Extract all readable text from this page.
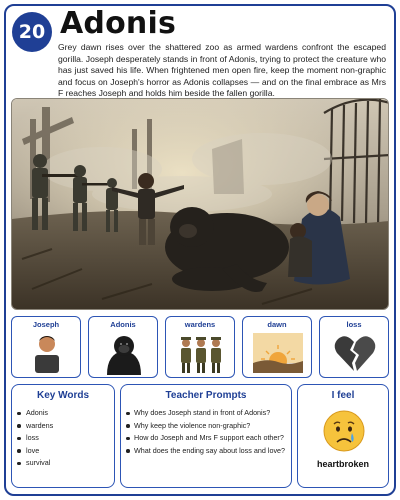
20 Adonis

Grey dawn rises over the shattered zoo as armed wardens confront the escaped gorilla. Joseph desperately stands in front of Adonis, trying to protect the creature who has just saved his life. When frightened men open fire, keep the moment non-graphic and focus on Joseph's horror as Adonis collapses — and on the final embrace as Mrs F reaches Joseph and holds him beside the fallen gorilla.

Joseph	Adonis	wardens	dawn	loss
Key Words
Adonis
wardens
loss
love
survival
Teacher Prompts
Why does Joseph stand in front of Adonis?
Why keep the violence non-graphic?
How do Joseph and Mrs F support each other?
What does the ending say about loss and love?
I feel
heartbroken
